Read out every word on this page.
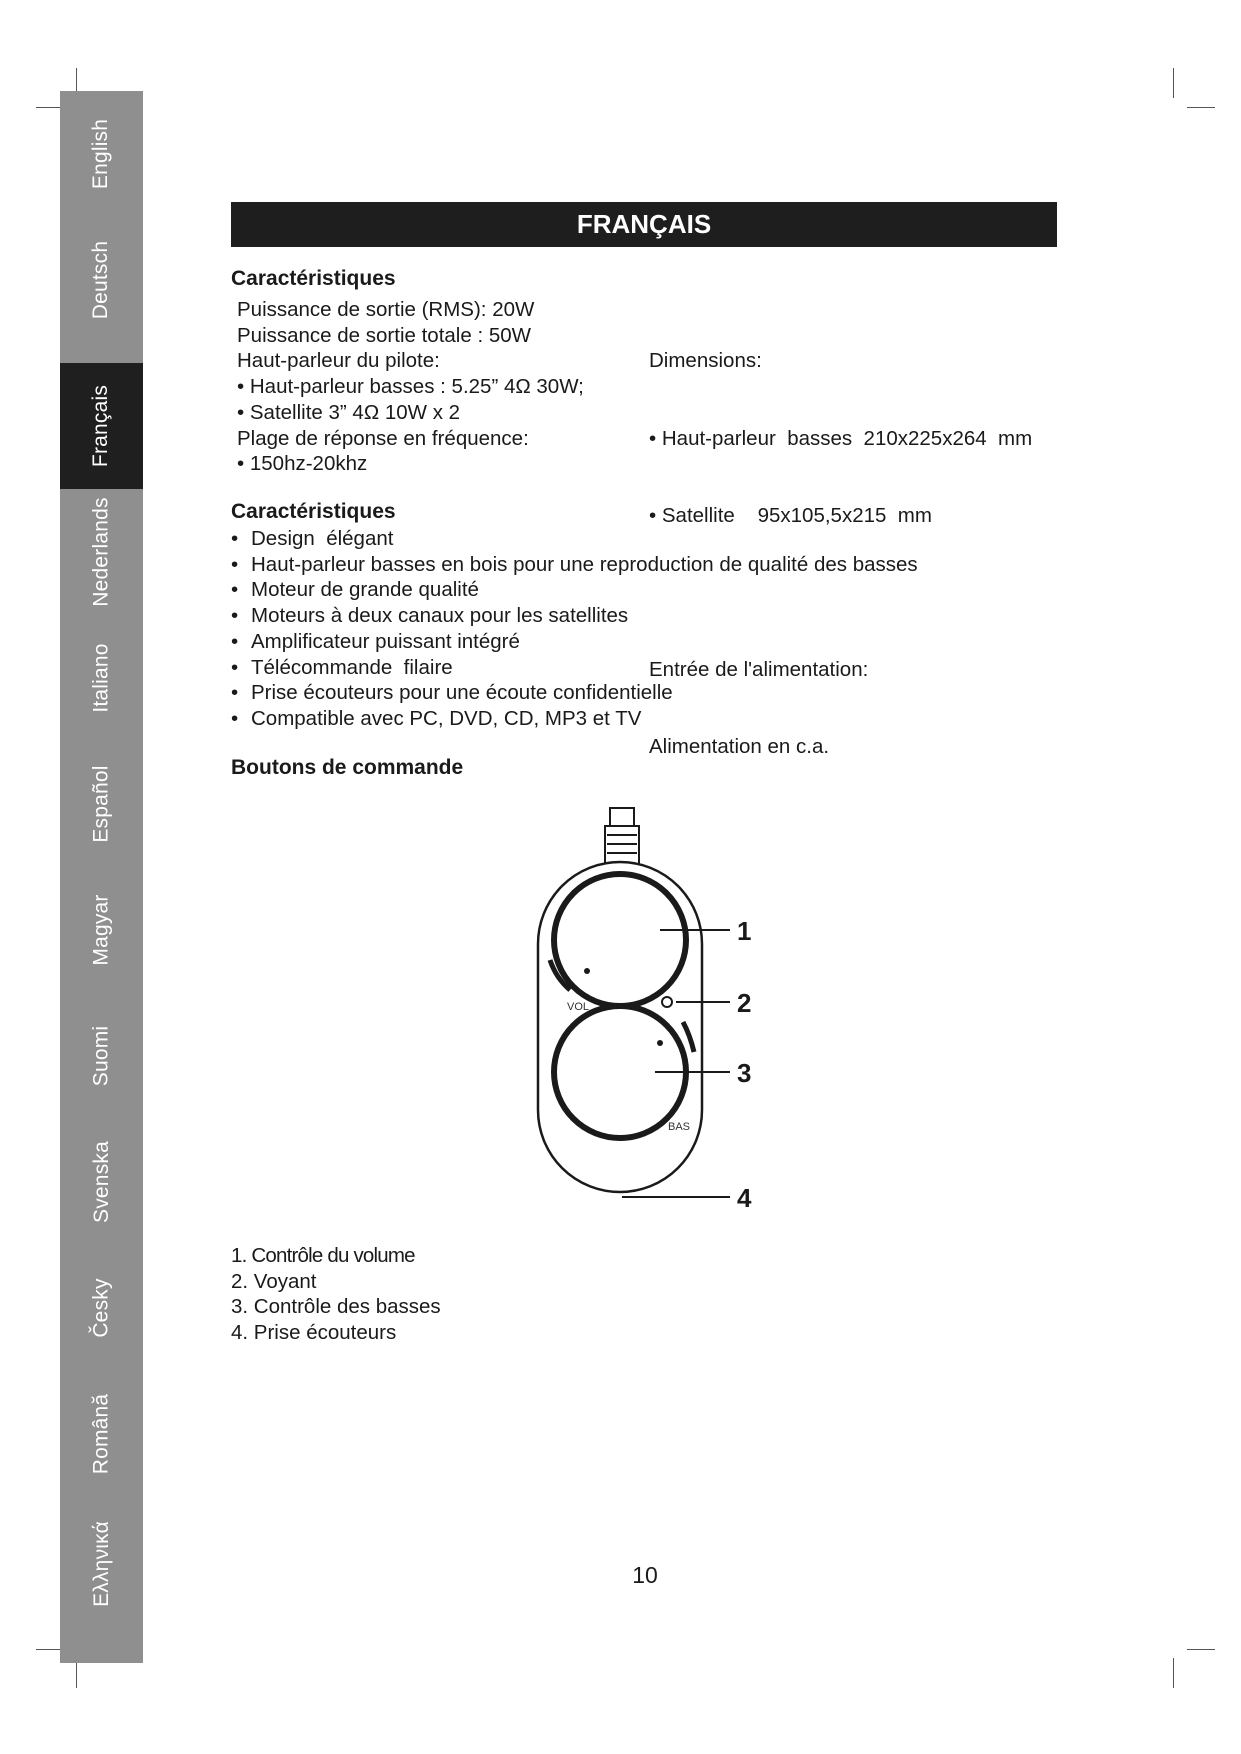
English
Deutsch
Français
Nederlands
Italiano
Español
Magyar
Suomi
Svenska
Česky
Română
Ελληνικά
FRANÇAIS
Caractéristiques
Puissance de sortie (RMS): 20W
Puissance de sortie totale : 50W
Haut-parleur du pilote:
• Haut-parleur basses : 5.25” 4Ω 30W;
• Satellite 3” 4Ω 10W x 2
Plage de réponse en fréquence:
• 150hz-20khz

Dimensions:

• Haut-parleur  basses  210x225x264  mm

• Satellite    95x105,5x215  mm

Entrée de l'alimentation:

Alimentation en c.a.

Caractéristiques
• Design  élégant
• Haut-parleur basses en bois pour une reproduction de qualité des basses
• Moteur de grande qualité
• Moteurs à deux canaux pour les satellites
• Amplificateur puissant intégré
• Télécommande  filaire
• Prise écouteurs pour une écoute confidentielle
• Compatible avec PC, DVD, CD, MP3 et TV
Boutons de commande
VOL
BAS
1
2
3
4
1. Contrôle du volume
2. Voyant
3. Contrôle des basses
4. Prise écouteurs
10
